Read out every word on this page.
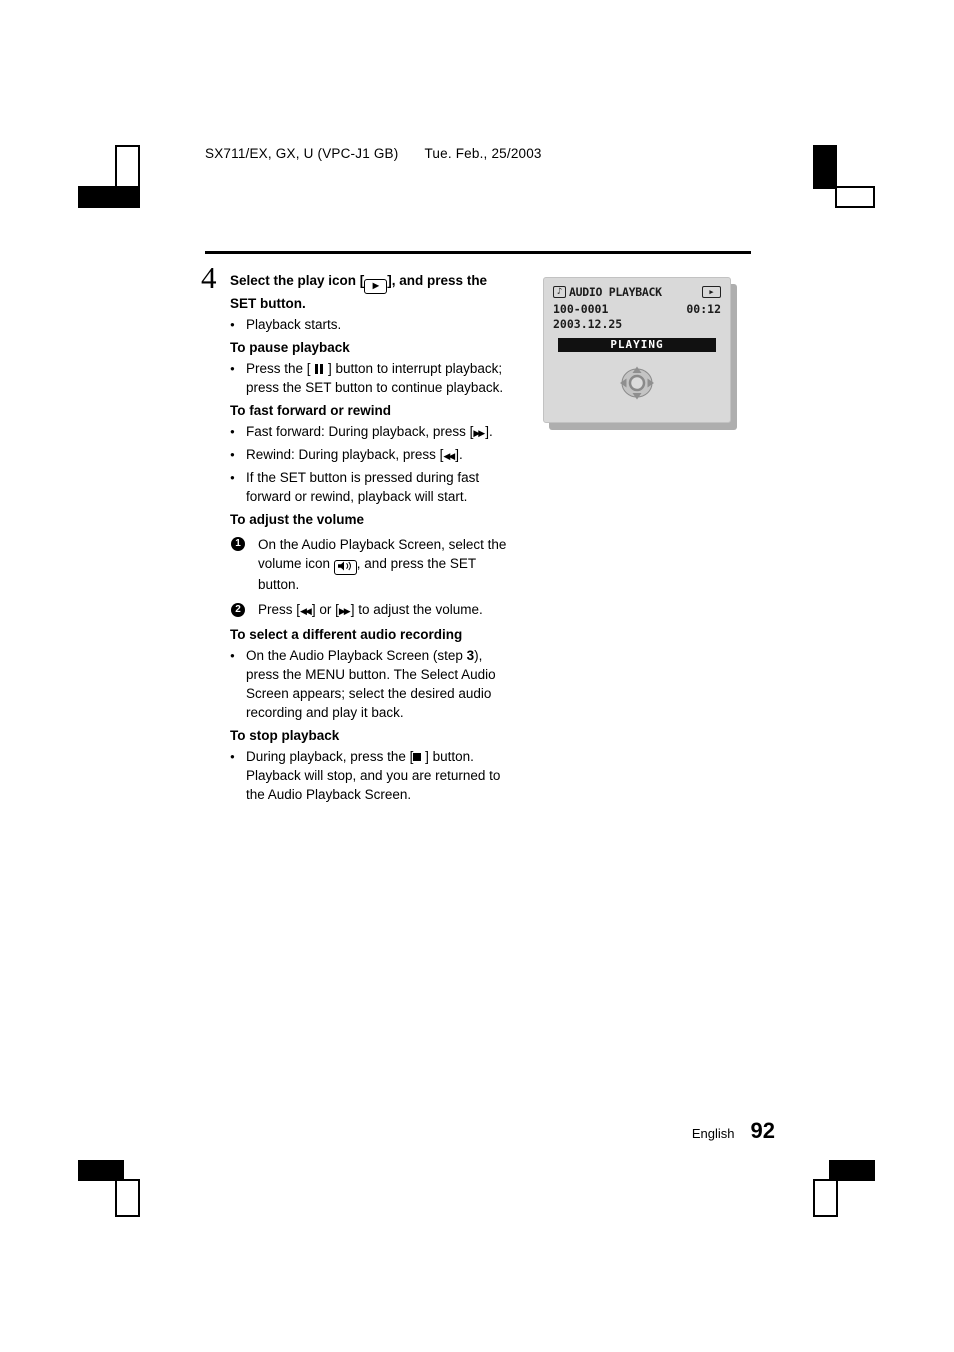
SX711/EX, GX, U (VPC-J1 GB) Tue. Feb., 25/2003
4 Select the play icon [ ▶ ], and press the SET button.
● Playback starts.
To pause playback
● Press the [  ] button to interrupt playback; press the SET button to continue playback.
To fast forward or rewind
● Fast forward: During playback, press [▶▶ ].
● Rewind: During playback, press [◀◀ ].
● If the SET button is pressed during fast forward or rewind, playback will start.
To adjust the volume
1	On the Audio Playback Screen, select the volume icon , and press the SET button.
2	Press [◀◀ ] or [▶▶ ] to adjust the volume.
To select a different audio recording
● On the Audio Playback Screen (step 3), press the MENU button. The Select Audio Screen appears; select the desired audio recording and play it back.
To stop playback
● During playback, press the [ ] button. Playback will stop, and you are returned to the Audio Playback Screen.
♪ AUDIO PLAYBACK	▶
100-0001	00:12
2003.12.25
PLAYING
English 92
